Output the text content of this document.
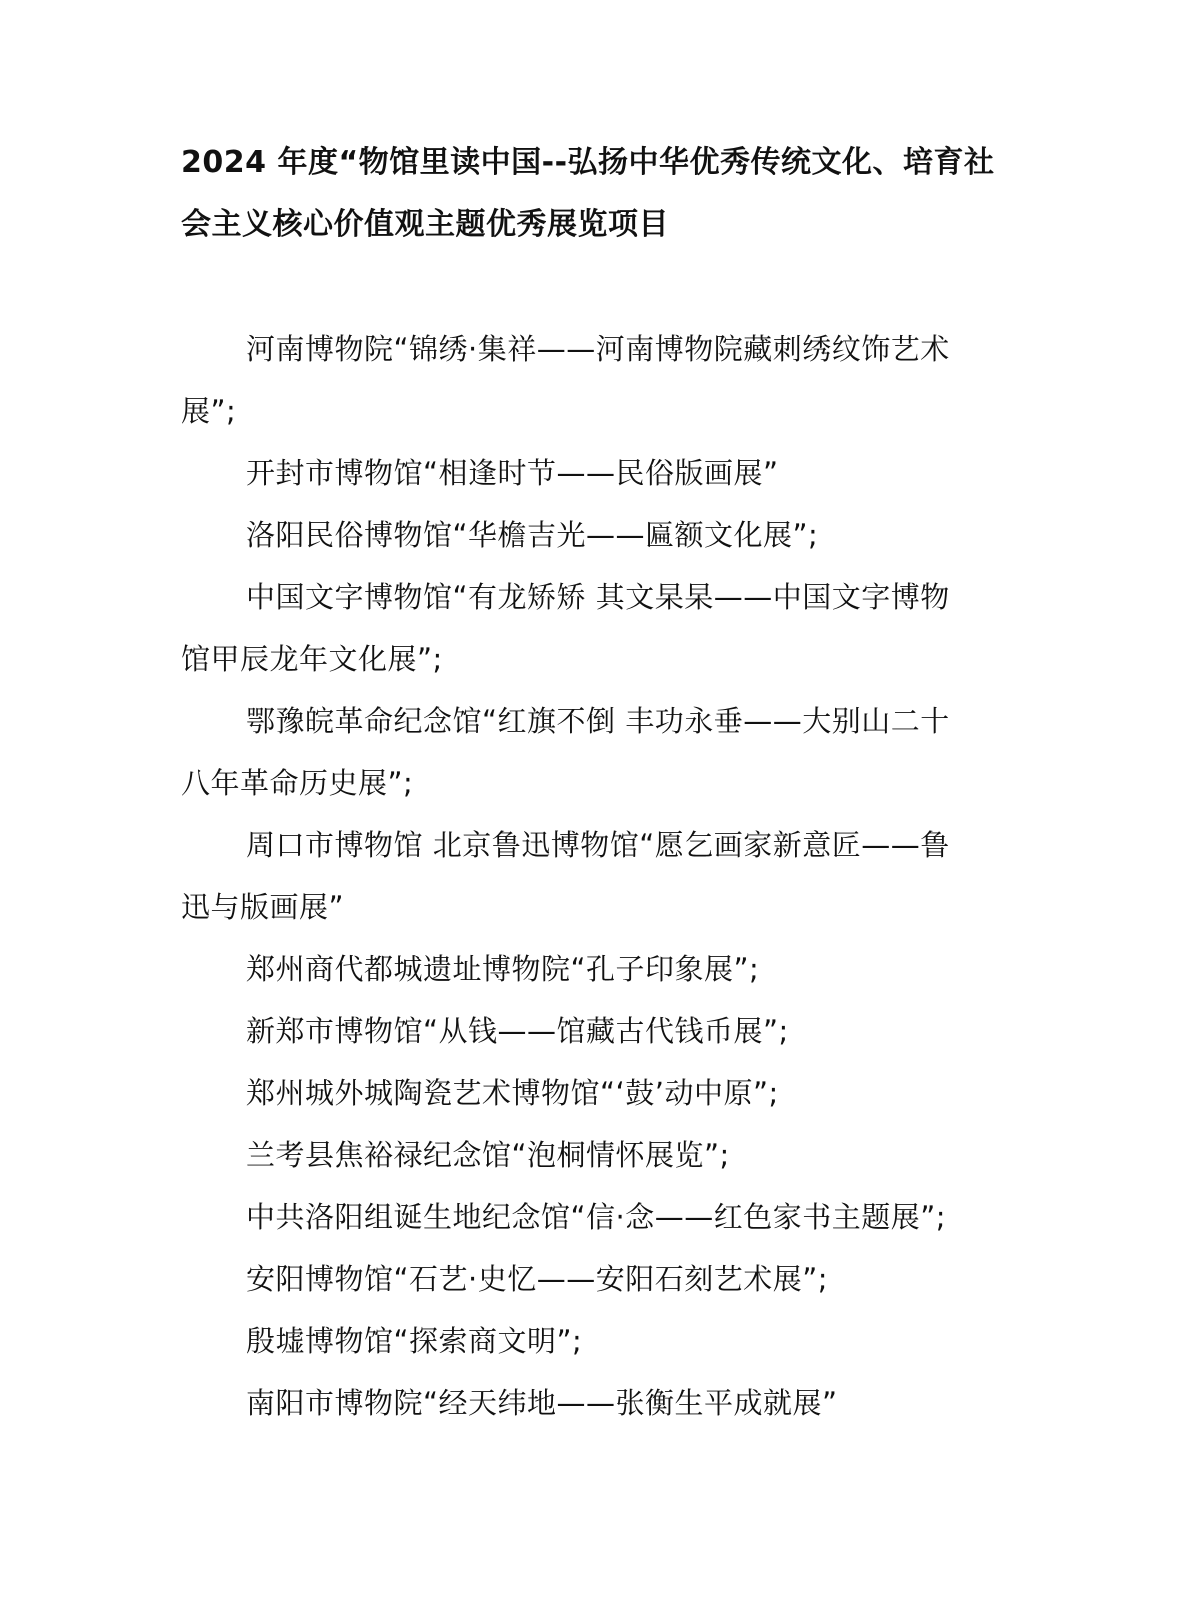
2024 年度“物馆里读中国--弘扬中华优秀传统文化、培育社
会主义核心价值观主题优秀展览项目
河南博物院“锦绣·集祥——河南博物院藏刺绣纹饰艺术
展”;
开封市博物馆“相逢时节——民俗版画展”
洛阳民俗博物馆“华檐吉光——匾额文化展”;
中国文字博物馆“有龙矫矫 其文杲杲——中国文字博物
馆甲辰龙年文化展”;
鄂豫皖革命纪念馆“红旗不倒 丰功永垂——大别山二十
八年革命历史展”;
周口市博物馆 北京鲁迅博物馆“愿乞画家新意匠——鲁
迅与版画展”
郑州商代都城遗址博物院“孔子印象展”;
新郑市博物馆“从钱——馆藏古代钱币展”;
郑州城外城陶瓷艺术博物馆“‘鼓’动中原”;
兰考县焦裕禄纪念馆“泡桐情怀展览”;
中共洛阳组诞生地纪念馆“信·念——红色家书主题展”;
安阳博物馆“石艺·史忆——安阳石刻艺术展”;
殷墟博物馆“探索商文明”;
南阳市博物院“经天纬地——张衡生平成就展”
